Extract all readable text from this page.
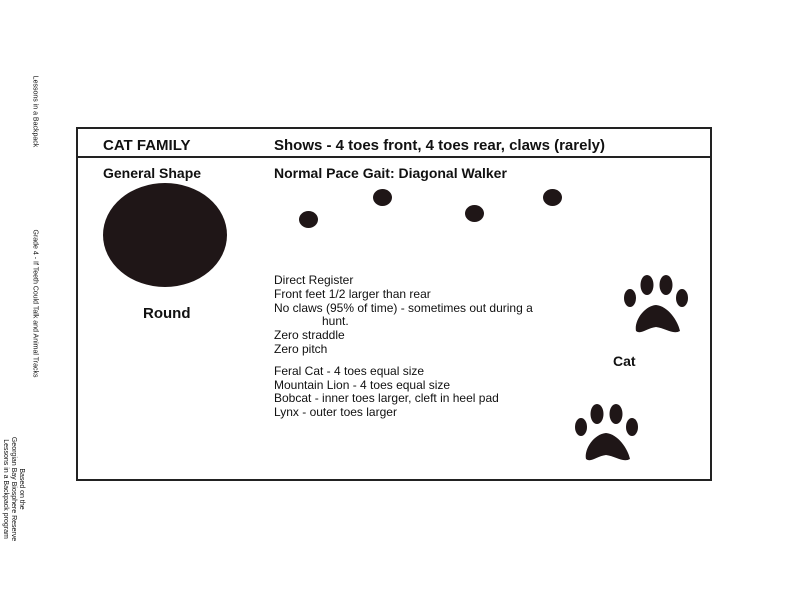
Lessons in a Backpack
Grade 4 - If Teeth Could Talk and Animal Tracks
Based on the
Georgian Bay Biosphere Reserve
Lessons in a Backpack program
CAT FAMILY	Shows - 4 toes front, 4 toes rear, claws (rarely)
General Shape
Round
Normal Pace Gait: Diagonal Walker
Direct Register
Front feet 1/2 larger than rear
No claws (95% of time) - sometimes out during a
hunt.
Zero straddle
Zero pitch
Feral Cat - 4 toes equal size
Mountain Lion - 4 toes equal size
Bobcat - inner toes larger, cleft in heel pad
Lynx - outer toes larger
Cat
